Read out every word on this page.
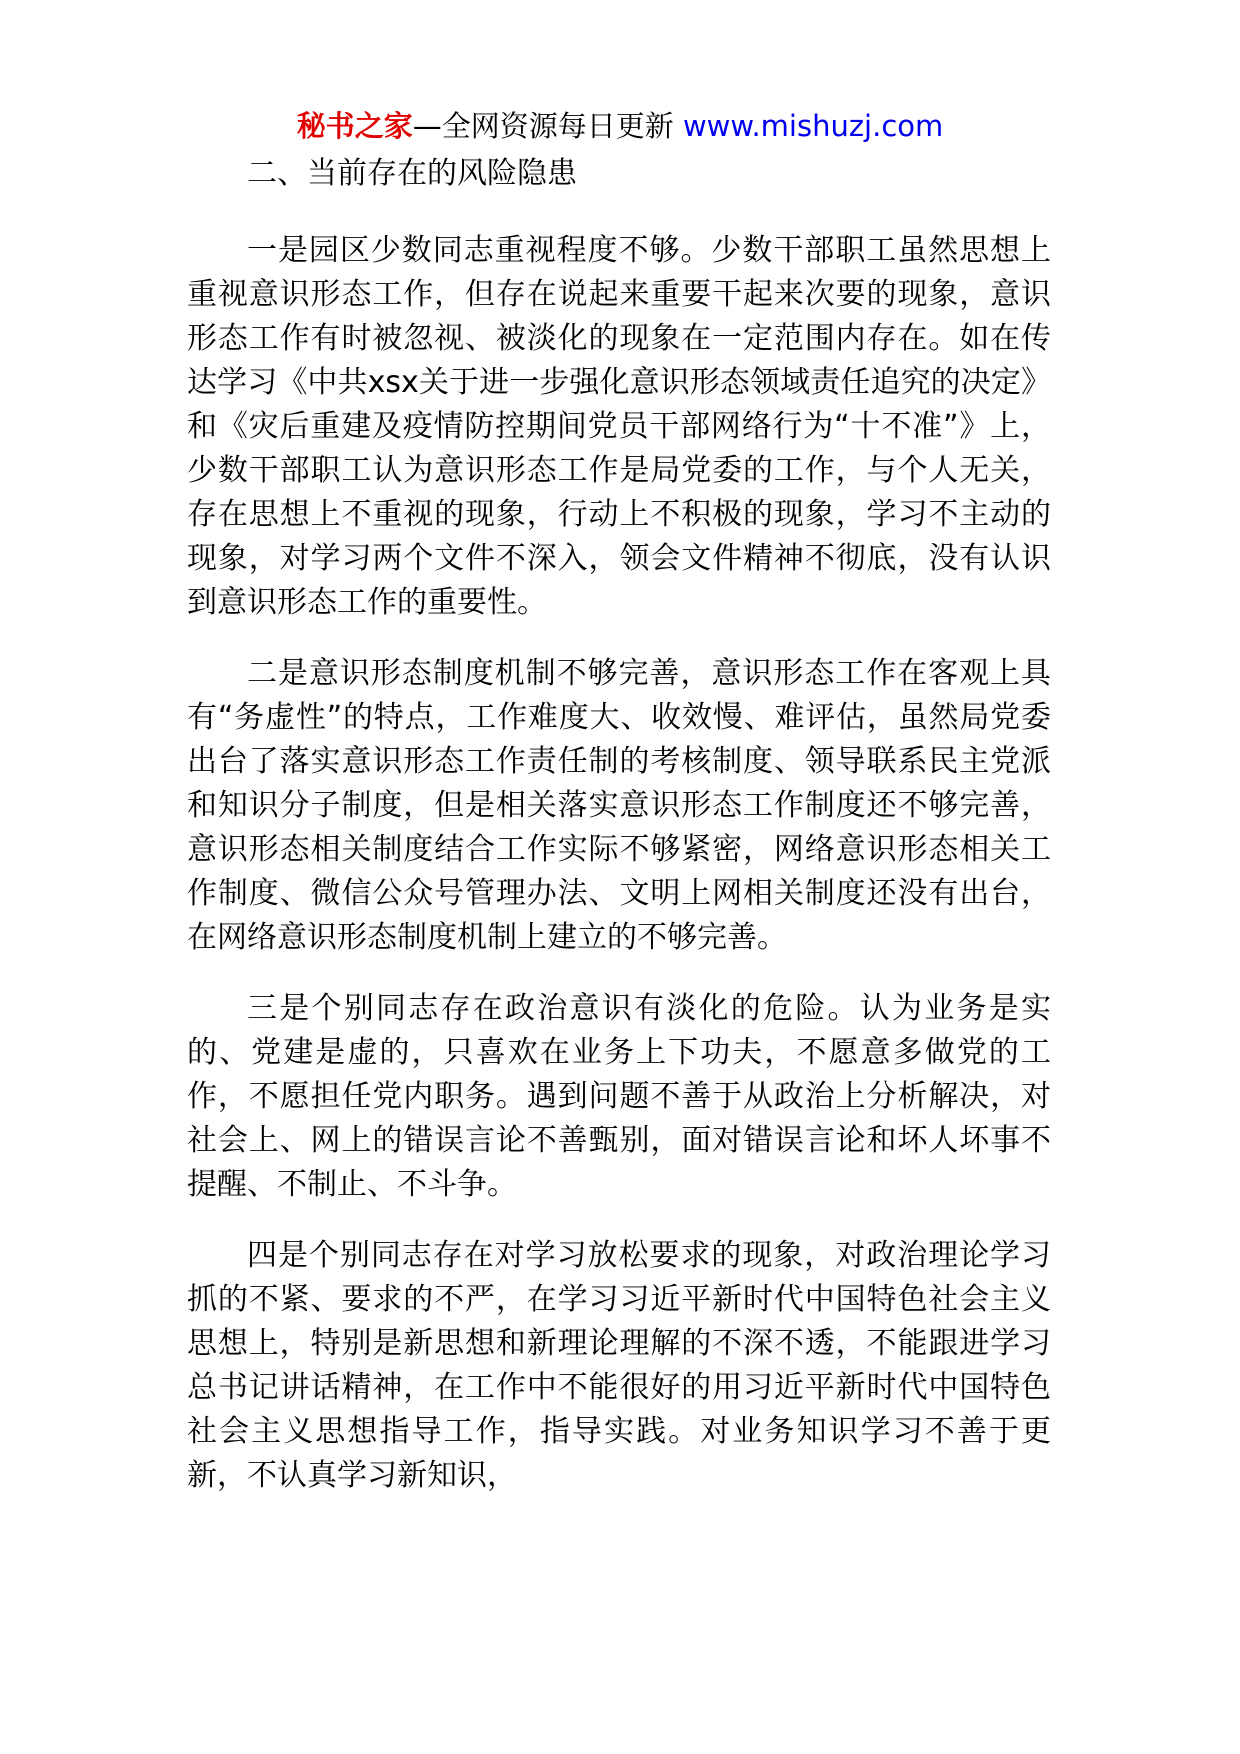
秘书之家—全网资源每日更新 www.mishuzj.com

二、当前存在的风险隐患

一是园区少数同志重视程度不够。少数干部职工虽然思想上重视意识形态工作，但存在说起来重要干起来次要的现象，意识形态工作有时被忽视、被淡化的现象在一定范围内存在。如在传达学习《中共xsx关于进一步强化意识形态领域责任追究的决定》和《灾后重建及疫情防控期间党员干部网络行为“十不准”》上，少数干部职工认为意识形态工作是局党委的工作，与个人无关，存在思想上不重视的现象，行动上不积极的现象，学习不主动的现象，对学习两个文件不深入，领会文件精神不彻底，没有认识到意识形态工作的重要性。

二是意识形态制度机制不够完善，意识形态工作在客观上具有“务虚性”的特点，工作难度大、收效慢、难评估，虽然局党委出台了落实意识形态工作责任制的考核制度、领导联系民主党派和知识分子制度，但是相关落实意识形态工作制度还不够完善，意识形态相关制度结合工作实际不够紧密，网络意识形态相关工作制度、微信公众号管理办法、文明上网相关制度还没有出台，在网络意识形态制度机制上建立的不够完善。

三是个别同志存在政治意识有淡化的危险。认为业务是实的、党建是虚的，只喜欢在业务上下功夫，不愿意多做党的工作，不愿担任党内职务。遇到问题不善于从政治上分析解决，对社会上、网上的错误言论不善甄别，面对错误言论和坏人坏事不提醒、不制止、不斗争。

四是个别同志存在对学习放松要求的现象，对政治理论学习抓的不紧、要求的不严，在学习习近平新时代中国特色社会主义思想上，特别是新思想和新理论理解的不深不透，不能跟进学习总书记讲话精神，在工作中不能很好的用习近平新时代中国特色社会主义思想指导工作，指导实践。对业务知识学习不善于更新，不认真学习新知识，
